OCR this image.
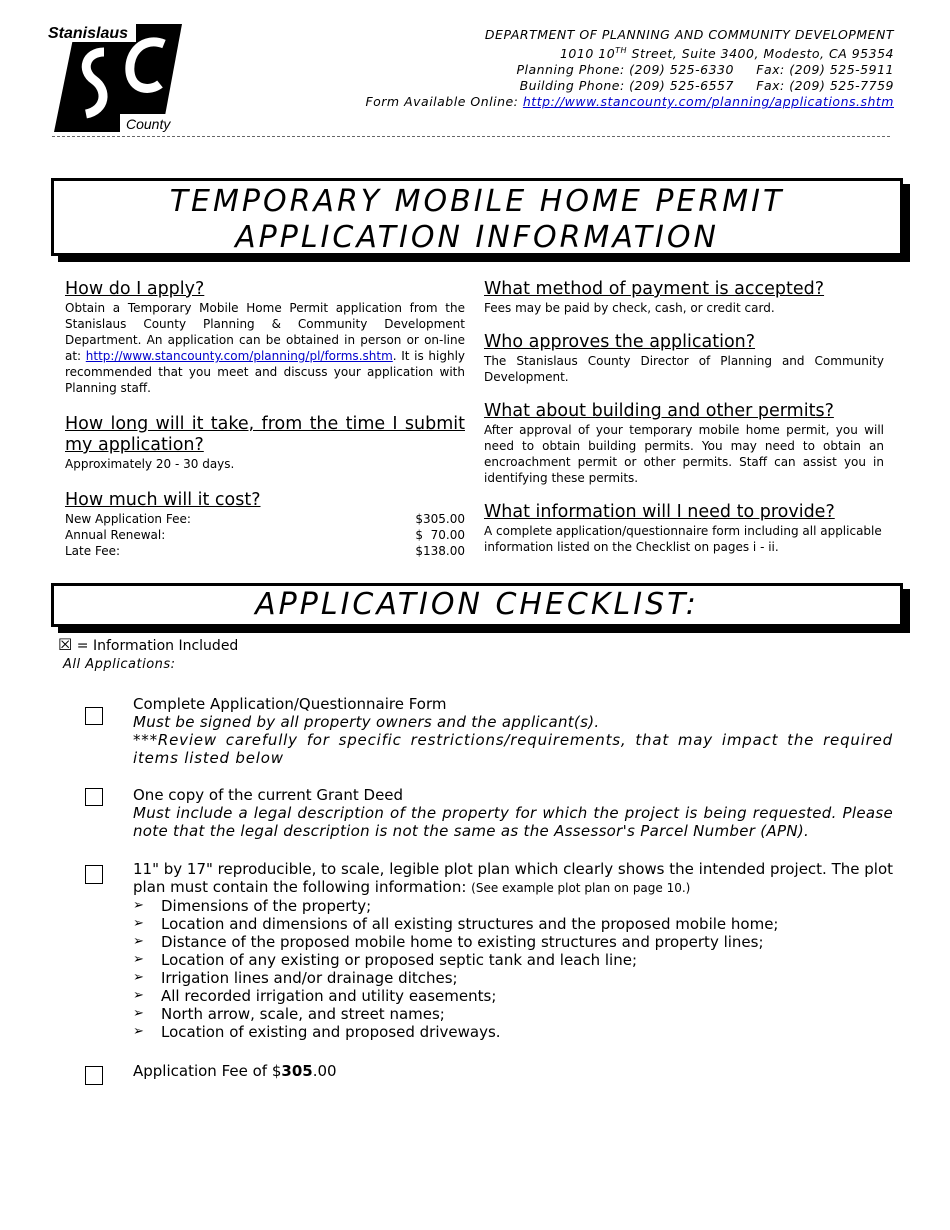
Stanislaus
County
DEPARTMENT OF PLANNING AND COMMUNITY DEVELOPMENT
1010 10TH Street, Suite 3400, Modesto, CA 95354
Planning Phone: (209) 525-6330     Fax: (209) 525-5911
Building Phone: (209) 525-6557     Fax: (209) 525-7759
Form Available Online: http://www.stancounty.com/planning/applications.shtm
TEMPORARY MOBILE HOME PERMIT
APPLICATION INFORMATION
How do I apply?

Obtain a Temporary Mobile Home Permit application from the Stanislaus County Planning & Community Development Department. An application can be obtained in person or on-line at: http://www.stancounty.com/planning/pl/forms.shtm. It is highly recommended that you meet and discuss your application with Planning staff.

How long will it take, from the time I submit my application?

Approximately 20 - 30 days.

How much will it cost?
New Application Fee:	$305.00
Annual Renewal:	$  70.00
Late Fee:	$138.00
What method of payment is accepted?

Fees may be paid by check, cash, or credit card.

Who approves the application?

The Stanislaus County Director of Planning and Community Development.

What about building and other permits?

After approval of your temporary mobile home permit, you will need to obtain building permits. You may need to obtain an encroachment permit or other permits. Staff can assist you in identifying these permits.

What information will I need to provide?

A complete application/questionnaire form including all applicable information listed on the Checklist on pages i - ii.

APPLICATION CHECKLIST:
☒ = Information Included
All Applications:
Complete Application/Questionnaire Form
Must be signed by all property owners and the applicant(s).
***Review carefully for specific restrictions/requirements, that may impact the required items listed below
One copy of the current Grant Deed
Must include a legal description of the property for which the project is being requested. Please note that the legal description is not the same as the Assessor's Parcel Number (APN).
11" by 17" reproducible, to scale, legible plot plan which clearly shows the intended project. The plot plan must contain the following information: (See example plot plan on page 10.)
➢ Dimensions of the property;
➢ Location and dimensions of all existing structures and the proposed mobile home;
➢ Distance of the proposed mobile home to existing structures and property lines;
➢ Location of any existing or proposed septic tank and leach line;
➢ Irrigation lines and/or drainage ditches;
➢ All recorded irrigation and utility easements;
➢ North arrow, scale, and street names;
➢ Location of existing and proposed driveways.
Application Fee of $305.00
